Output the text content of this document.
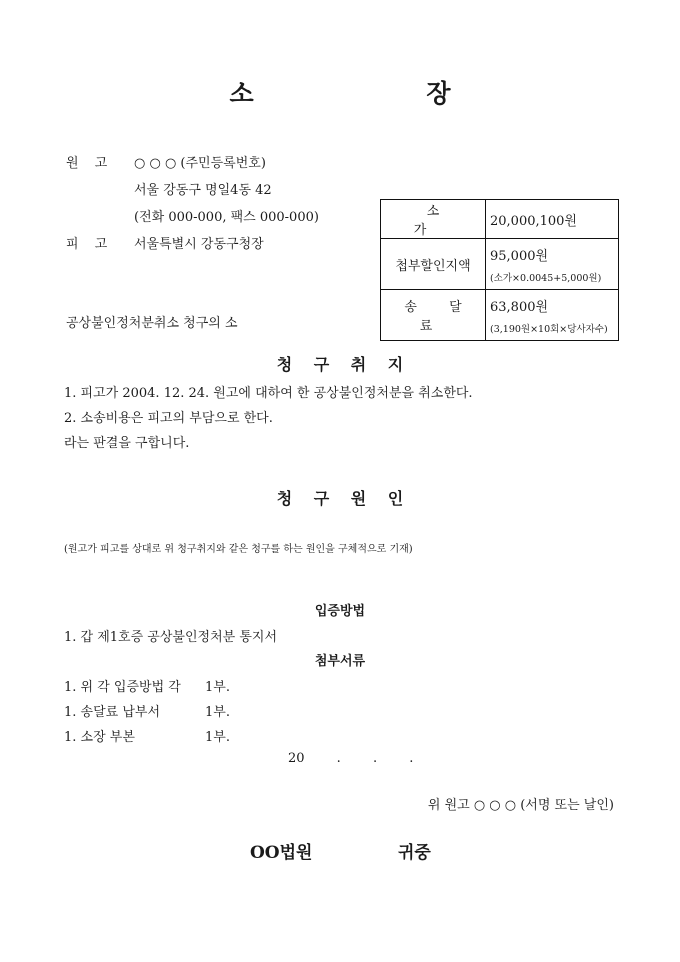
소 장
원 고 ○ ○ ○ (주민등록번호)
서울 강동구 명일4동 42
(전화 000-000, 팩스 000-000)
피 고 서울특별시 강동구청장
공상불인정처분취소 청구의 소
소 가	20,000,100원
첩부할인지액	95,000원
(소가×0.0045+5,000원)

송 달 료	63,800원
(3,190원×10회×당사자수)
청 구 취 지
1. 피고가 2004. 12. 24. 원고에 대하여 한 공상불인정처분을 취소한다.
2. 소송비용은 피고의 부담으로 한다.
라는 판결을 구합니다.
청 구 원 인
(원고가 피고를 상대로 위 청구취지와 같은 청구를 하는 원인을 구체적으로 기재)
입증방법
1. 갑 제1호증 공상불인정처분 통지서
첨부서류
1. 위 각 입증방법 각 1부.
1. 송달료 납부서	1부.
1. 소장 부본	1부.
20 . . .
위 원고 ○ ○ ○ (서명 또는 날인)
OO법원	귀중
